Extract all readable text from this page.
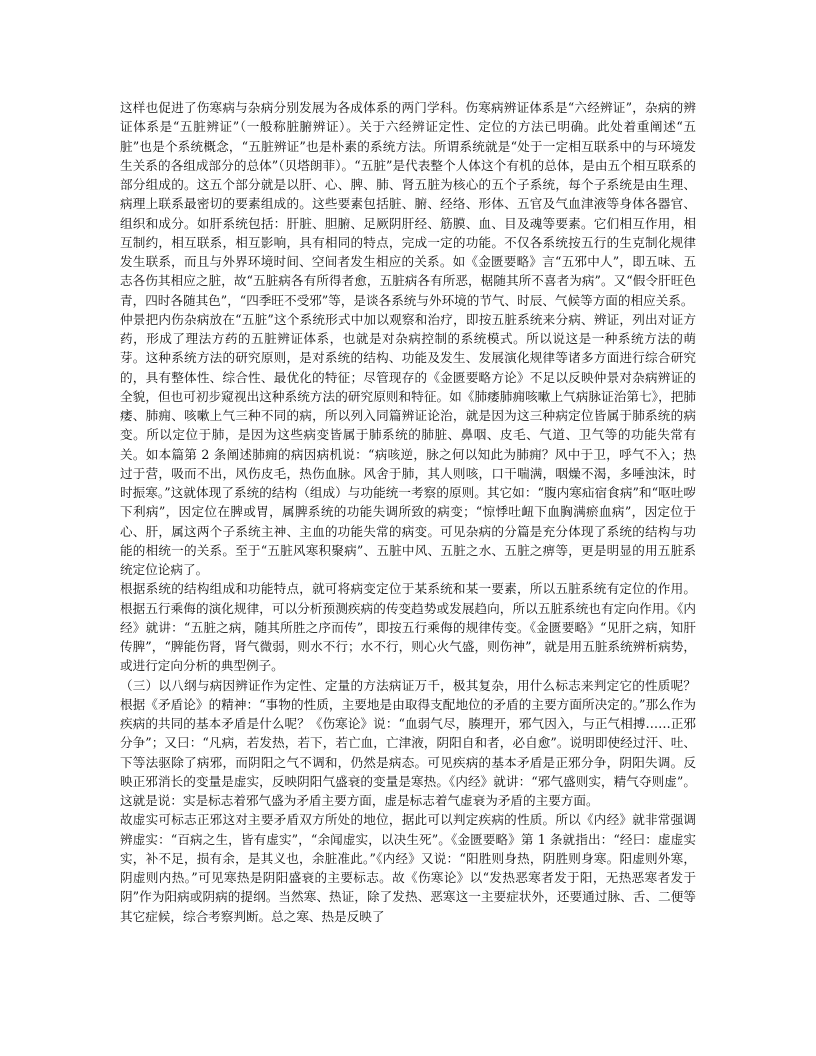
这样也促进了伤寒病与杂病分别发展为各成体系的两门学科。伤寒病辨证体系是“六经辨证”，杂病的辨证体系是“五脏辨证”（一般称脏腑辨证）。关于六经辨证定性、定位的方法已明确。此处着重阐述“五脏”也是个系统概念，“五脏辨证”也是朴素的系统方法。所谓系统就是“处于一定相互联系中的与环境发生关系的各组成部分的总体”（贝塔朗菲）。“五脏”是代表整个人体这个有机的总体，是由五个相互联系的部分组成的。这五个部分就是以肝、心、脾、肺、肾五脏为核心的五个子系统，每个子系统是由生理、病理上联系最密切的要素组成的。这些要素包括脏、腑、经络、形体、五官及气血津液等身体各器官、组织和成分。如肝系统包括：肝脏、胆腑、足厥阴肝经、筋膜、血、目及魂等要素。它们相互作用，相互制约，相互联系，相互影响，具有相同的特点，完成一定的功能。不仅各系统按五行的生克制化规律发生联系，而且与外界环境时间、空间者发生相应的关系。如《金匮要略》言“五邪中人”，即五味、五志各伤其相应之脏，故“五脏病各有所得者愈，五脏病各有所恶，椐随其所不喜者为病”。又“假令肝旺色青，四时各随其色”，“四季旺不受邪”等，是谈各系统与外环境的节气、时辰、气候等方面的相应关系。

仲景把内伤杂病放在“五脏”这个系统形式中加以观察和治疗，即按五脏系统来分病、辨证，列出对证方药，形成了理法方药的五脏辨证体系，也就是对杂病控制的系统模式。所以说这是一种系统方法的萌芽。这种系统方法的研究原则，是对系统的结构、功能及发生、发展演化规律等诸多方面进行综合研究的，具有整体性、综合性、最优化的特征；尽管现存的《金匮要略方论》不足以反映仲景对杂病辨证的全貌，但也可初步窥视出这种系统方法的研究原则和特征。如《肺痿肺痈咳嗽上气病脉证治第七》，把肺痿、肺痈、咳嗽上气三种不同的病，所以列入同篇辨证论治，就是因为这三种病定位皆属于肺系统的病变。所以定位于肺，是因为这些病变皆属于肺系统的肺脏、鼻咽、皮毛、气道、卫气等的功能失常有关。如本篇第 2 条阐述肺痈的病因病机说：“病咳逆，脉之何以知此为肺痈？风中于卫，呼气不入；热过于营，吸而不出，风伤皮毛，热伤血脉。风舍于肺，其人则咳，口干喘满，咽燥不渴，多唾浊沫，时时振寒。”这就体现了系统的结构（组成）与功能统一考察的原则。其它如：“腹内寒疝宿食病”和“呕吐哕下利病”，因定位在脾或胃，属脾系统的功能失调所致的病变；“惊悸吐衄下血胸满瘀血病”，因定位于心、肝，属这两个子系统主神、主血的功能失常的病变。可见杂病的分篇是充分体现了系统的结构与功能的相统一的关系。至于“五脏风寒积聚病”、五脏中风、五脏之水、五脏之痹等，更是明显的用五脏系统定位论病了。

根据系统的结构组成和功能特点，就可将病变定位于某系统和某一要素，所以五脏系统有定位的作用。根据五行乘侮的演化规律，可以分析预测疾病的传变趋势或发展趋向，所以五脏系统也有定向作用。《内经》就讲：“五脏之病，随其所胜之序而传”，即按五行乘侮的规律传变。《金匮要略》“见肝之病，知肝传脾”，“脾能伤肾，肾气微弱，则水不行；水不行，则心火气盛，则伤神”，就是用五脏系统辨析病势，或进行定向分析的典型例子。

（三）以八纲与病因辨证作为定性、定量的方法病证万千，极其复杂，用什么标志来判定它的性质呢？根据《矛盾论》的精神：“事物的性质，主要地是由取得支配地位的矛盾的主要方面所决定的。”那么作为疾病的共同的基本矛盾是什么呢？《伤寒论》说：“血弱气尽，腠理开，邪气因入，与正气相搏……正邪分争”；又曰：“凡病，若发热，若下，若亡血，亡津液，阴阳自和者，必自愈”。说明即使经过汗、吐、下等法驱除了病邪，而阴阳之气不调和，仍然是病态。可见疾病的基本矛盾是正邪分争，阴阳失调。反映正邪消长的变量是虚实，反映阴阳气盛衰的变量是寒热。《内经》就讲：“邪气盛则实，精气夺则虚”。这就是说：实是标志着邪气盛为矛盾主要方面，虚是标志着气虚衰为矛盾的主要方面。

故虚实可标志正邪这对主要矛盾双方所处的地位，据此可以判定疾病的性质。所以《内经》就非常强调辨虚实：“百病之生，皆有虚实”，“余闻虚实，以决生死”。《金匮要略》第 1 条就指出：“经曰：虚虚实实，补不足，损有余，是其义也，余脏准此。”《内经》又说：“阳胜则身热，阴胜则身寒。阳虚则外寒，阴虚则内热。”可见寒热是阴阳盛衰的主要标志。故《伤寒论》以“发热恶寒者发于阳，无热恶寒者发于阴”作为阳病或阴病的提纲。当然寒、热证，除了发热、恶寒这一主要症状外，还要通过脉、舌、二便等其它症候，综合考察判断。总之寒、热是反映了
